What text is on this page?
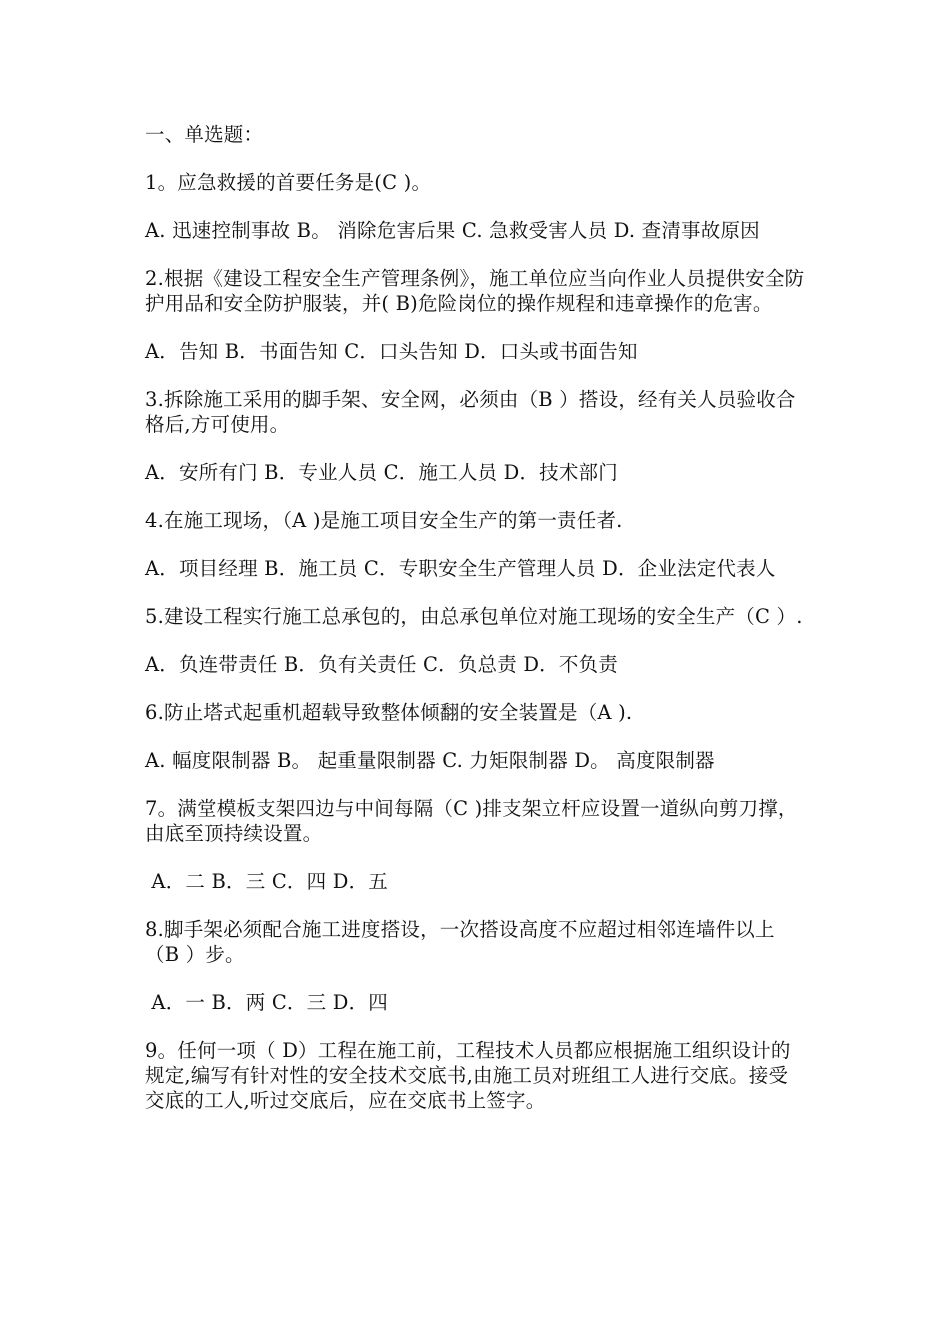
一、单选题：

1。应急救援的首要任务是(C )。

A. 迅速控制事故 B。 消除危害后果 C. 急救受害人员 D. 查清事故原因

2.根据《建设工程安全生产管理条例》，施工单位应当向作业人员提供安全防护用品和安全防护服装，并( B)危险岗位的操作规程和违章操作的危害。

A．告知 B．书面告知 C．口头告知 D．口头或书面告知

3.拆除施工采用的脚手架、安全网，必须由（B ）搭设，经有关人员验收合格后,方可使用。

A．安所有门 B．专业人员 C．施工人员 D．技术部门

4.在施工现场，（A )是施工项目安全生产的第一责任者.

A．项目经理 B．施工员 C．专职安全生产管理人员 D．企业法定代表人

5.建设工程实行施工总承包的，由总承包单位对施工现场的安全生产（C ）.

A．负连带责任 B．负有关责任 C．负总责 D．不负责

6.防止塔式起重机超载导致整体倾翻的安全装置是（A ).

A. 幅度限制器 B。 起重量限制器 C. 力矩限制器 D。 高度限制器

7。满堂模板支架四边与中间每隔（C )排支架立杆应设置一道纵向剪刀撑，由底至顶持续设置。

A．二 B．三 C．四 D．五

8.脚手架必须配合施工进度搭设，一次搭设高度不应超过相邻连墙件以上（B ）步。

A．一 B．两 C．三 D．四

9。任何一项（ D）工程在施工前，工程技术人员都应根据施工组织设计的规定,编写有针对性的安全技术交底书,由施工员对班组工人进行交底。接受交底的工人,听过交底后，应在交底书上签字。
